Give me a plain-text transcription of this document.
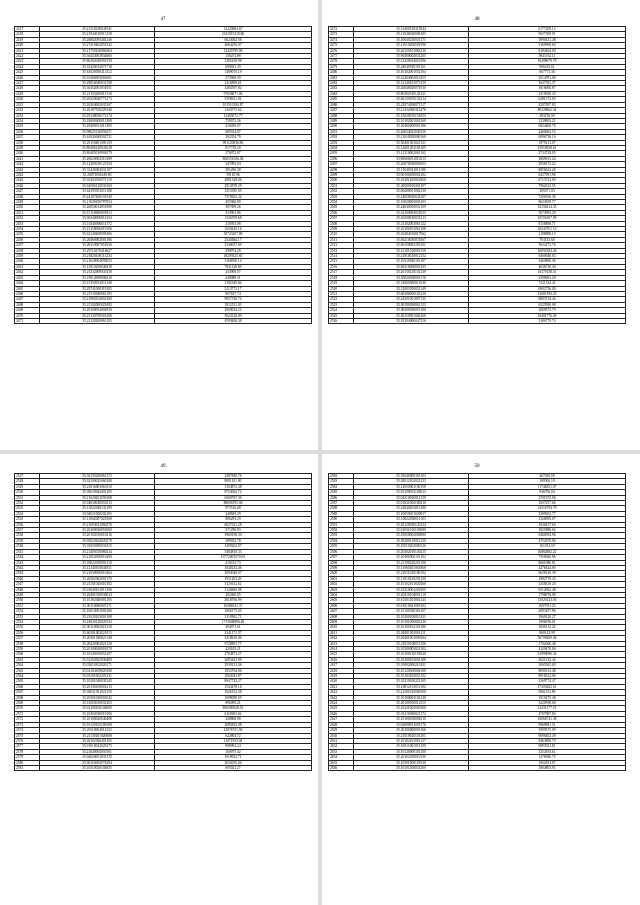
47
2417	35.21310230041941	12223884.67
2418	35.21944010913158	2341815310.86
2419	35.26802093402146	6623062.56
2420	35.27419402051542	4664256.07
2421	35.21750160060364	13445799.09
2422	35.36433001834683	136251.88
2423	35.86302040901530	1285438.98
2424	35.35420032071718	699031.29
2425	35.61020050413112	1389070.19
2426	35.35406003001661	373508.59
2427	35.28816040031708	1216899.61
2428	35.36352001031051	1283597.82
2429	35.21103200013118	97838671.06
2430	35.26320040771273	5358631.01
2431	35.26304002033167	101510184.87
2432	35.26187550220140	1443575.62
2433	35.29148030172174	12465072.77
2434	35.18009400011309	759072.26
2435	35.29405031013105	416056.07
2436	35.98025130050271	289334.87
2437	35.61920049502711	292354.79
2438	35.25118401095139	891120036.86
2439	35.80406120041018	917739.20
2440	35.80405010901079	276972.87
2441	35.20620004310189	860551026.38
2442	35.12405010121354	347095.94
2443	35.31420003031107	391296.38
2444	35.20073001649.80	59110.96
2445	35.03103010071119	4981329.06
2446	35.04506120033160	2913878.29
2447	35.62195051011108	1315585.05
2448	35.24107400101540	7379602.32
2449	35.11029450787054	455966.80
2450	35.26050014051980	587399.26
2451	35.15110060001813	533901.86
2452	35.06340000814154	1336769.68
2453	35.10340006011172	316953.08
2454	35.15150006019106	1659443.16
2455	35.62140400005406	30723207.98
2456	35.20460002001186	2540484.17
2457	35.28110007051936	2340037.69
2458	35.29710470416627	298974.28
2459	35.21820100111234	29209325.83
2460	35.21620004093053	3168590.14
2461	35.13910200040418	7831128.69
2462	35.21232009043118	243908.07
2463	35.19012000000210	248088.31
2464	35.10150012011148	1182349.66
2465	35.29741000319105	5213772.17
2466	35.21510040061193	967637.74
2467	35.21990104001200	9857350.74
2468	35.21102000023082	1812511.03
2469	35.20100054002930	2969034.25
2470	35.23130700301260	5024120.00
2471	35.21120200061103	4599406.38
48
2472	35.13400130315044	6177209.12
2473	35.21046020006105	9027509.91
2474	35.10040210031171	1890431.48
2475	35.21010200501596	3160969.60
2476	35.26130101063120	8184463.00
2477	35.90400004031205	5841162.11
2478	35.21420034010196	16498678.70
2479	35.24040010101161	906410.61
2480	35.16102001032164	667773.36
2481	35.22404002013255	2514781.00
2482	35.12140101073159	1627911.37
2483	35.26040020071030	3016000.87
2484	35.80302010143131	2310928.33
2485	35.66130105133214	6281372.69
2486	35.22074030071117	4297097.83
2487	35.21432060313276	80328662.34
2488	35.15020010151053	383156.90
2489	35.10102001001260	1230903.21
2490	35.20400200001186	6824400.70
2491	35.26034022040130	4260062.53
2492	35.11010050000160	6096736.16
2493	35.50401301021131	1979121.07
2494	35.12601201103105	15916938.61
2495	35.12110002001162	2734728.05
2496	35.80600031010213	2869013.24
2497	35.26070030001053	2958372.22
2498	35.11040011011186	8856632.28
2499	35.90100300001202	6437091.96
2500	35.16301100021060	6713722.00
2501	35.26000100201107	7962613.55
2502	35.06400051002130	285071.03
2503	35.24050020041207	7206166.36
2504	35.16020003001203	9623818.77
2505	35.24040010031109	52156214.33
2506	35.34100003021033	3073093.29
2507	35.26500010031213	10556107.09
2508	35.21102003061122	8158898.71
2509	35.16100101061108	10243701.10
2510	35.20484010017062	2188886.19
2511	35.06210030071067	763153.60
2512	35.06150002303101	3024173.76
2513	35.21101010001150	16092304.26
2514	35.21010010012152	9460046.63
2515	35.10310040101187	3460806.36
2516	35.06310060003105	4036730.40
2517	35.20130210102139	16370158.31
2518	35.05020030001116	2398063.28
2519	35.31060300011040	7221334.41
2520	35.12003010031149	6902756.00
2521	35.60206000103126	12681393.25
2522	35.24301001007135	8803734.44
2523	35.90190030061123	6325990.98
2524	35.90208030051100	3009573.79
2525	35.26110001026160	10401776.49
2526	35.18104000047116	5186779.74
49
2527	35.02150260061172	1487820.76
2528	35.02100025060108	8001101.00
2529	35.21016001063110	3104872.38
2530	35.03010042001165	8754062.72
2531	35.21020201050108	6568707.30
2532	35.04030020055213	88691855.06
2533	35.13022040141109	975516.68
2534	35.04021000202105	248849.29
2535	35.11002007023568	886293.29
2536	35.21003021060270	6027541.28
2537	35.20200020051060	371290.83
2538	35.20102010010216	3969198.30
2539	35.05020104020279	389932.78
2540	35.01050050030115	3409202.07
2541	35.21405010060214	5484810.33
2542	35.21052000010209	10772001570.65
2543	35.03022010001110	419223.73
2544	35.12140103041051	1040233.46
2545	35.21030000010264	3094048.07
2546	35.20302002001170	1911203.29
2547	35.21101040010182	3125612.62
2548	35.01040101013106	3126660.08
2549	35.20401030030014	292460.05
2550	35.10102040001105	2018766.99
2551	35.30110060007271	10286531.37
2552	35.10010001003106	1006175.05
2553	35.21020103001108	3110902.71
2554	35.24020120020132	1713048986.48
2555	35.30110002021210	304971.61
2556	35.60201002020115	2341171.37
2557	35.20301020021148	3218619.06
2558	35.20420002021120	9728801.77
2559	35.20100040001070	420105.21
2560	35.10140010051107	2784871.27
2561	35.01202002030400	2093421.99
2562	35.05010102020171	2939131.36
2563	35.02104100020180	1052704.06
2564	35.03101002201231	1002041.87
2565	35.10201040030145	8947743.27
2566	35.20130100001213	1543478.16
2567	35.02021031021150	1026152.28
2568	35.20301020001042	1098099.59
2569	35.31003010031203	896095.21
2570	35.02100100104000	890580528.01
2571	35.10202030010106	6118203.62
2572	35.10100020040408	328808.98
2573	35.10120102100108	2085823.08
2574	35.20110004011232	23076751.90
2575	35.21130201020008	622804.72
2576	35.02102020401105	11071933.04
2577	35.01010042020175	808092.24
2578	35.21040003050101	160975.42
2579	35.04020051033170	1019023.71
2580	35.06103002074204	2632035.04
2581	35.10310020104055	695021.27
50
2582	35.01040000301103	467030.00
2583	35.02012102021123	189506.18
2584	35.12050001130158	11744851.07
2585	35.05100052102013	946706.04
2586	35.04210020012139	2701972.06
2587	35.01021002100210	1007257.66
2588	35.24040201013180	14516794.79
2589	35.10050301020037	2389652.77
2590	35.10022030011103	1328095.07
2591	35.20120020120134	2920417.60
2592	35.01031010103080	3825886.02
2593	35.10050002000080	6460592.96
2594	35.05200110012130	4754370.06
2595	35.10510202000126	161014.59
2596	35.20302010130215	16882882.22
2597	35.10400500101102	7350040.96
2598	35.21100220201100	8661080.81
2599	35.11060201061068	2476624.00
2600	35.21011020100102	6628120.38
2601	35.11010120201100	1882779.43
2602	35.10102101020160	3258410.20
2603	35.10210001220105	6312962.48
2604	35.20310104001110	1798076.08
2605	35.10101103061143	13020123.03
2606	35.01010041003102	1697051.25
2607	35.15100320301107	2093297.86
2608	35.10200100010131	1069120.27
2609	35.10101006001220	1906058.01
2610	35.10100102101180	1000113.21
2611	35.02001001001111	860122.99
2612	35.20401001009104	56708400.04
2613	35.21010100011106	1702066.48
2614	35.10300003021102	4129476.06
2615	35.10100210101020	31999096.34
2616	35.01200103001100	2621232.44
2617	35.10002000210101	1065565.00
2618	35.10120300002100	8690133.48
2619	35.10103102031102	8918312.00
2620	35.10210100221105	1269774.47
2621	35.10012101011102	17203262.61
2622	35.21201010000100	3801152.89
2623	35.10100002102130	1010275.48
2624	35.20100010012115	3220598.00
2625	35.10221003003100	12431177.51
2626	35.01210030021172	4707987.84
2627	35.10100100001010	16066741.38
2628	35.02000031003176	9969881.51
2629	35.20100000001166	3999575.09
2630	35.21010020101201	9698402.49
2631	35.10102101001127	9463889.79
2632	35.10011001013100	6893021.81
2633	35.10120000101100	3254193.61
2634	35.20102100010130	1478386.75
2635	35.10301000101020	1062631.07
2636	35.10101200031200	1804803.91
